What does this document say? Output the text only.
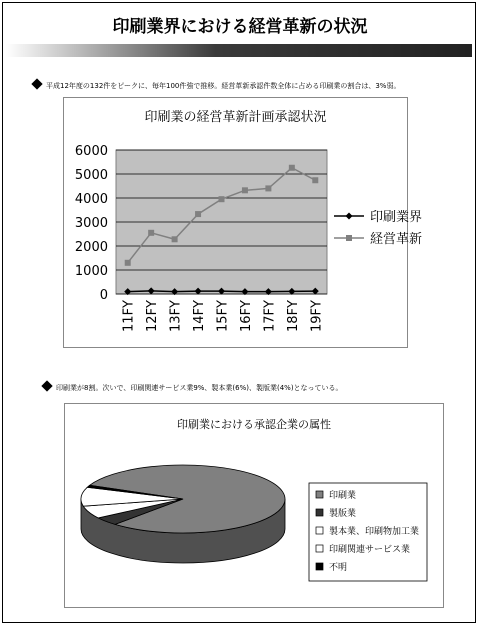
印刷業界における経営革新の状況
平成12年度の132件をピークに、毎年100件強で推移。経営革新承認件数全体に占める印刷業の割合は、3%弱。
印刷業の経営革新計画承認状況
0
1000
2000
3000
4000
5000
6000
11FY 12FY 13FY 14FY 15FY 16FY 17FY 18FY 19FY
印刷業界
経営革新
印刷業が8割。次いで、印刷関連サービス業9%、製本業(6%)、製版業(4%)となっている。
印刷業における承認企業の属性
印刷業
製版業
製本業、印刷物加工業
印刷関連サービス業
不明
